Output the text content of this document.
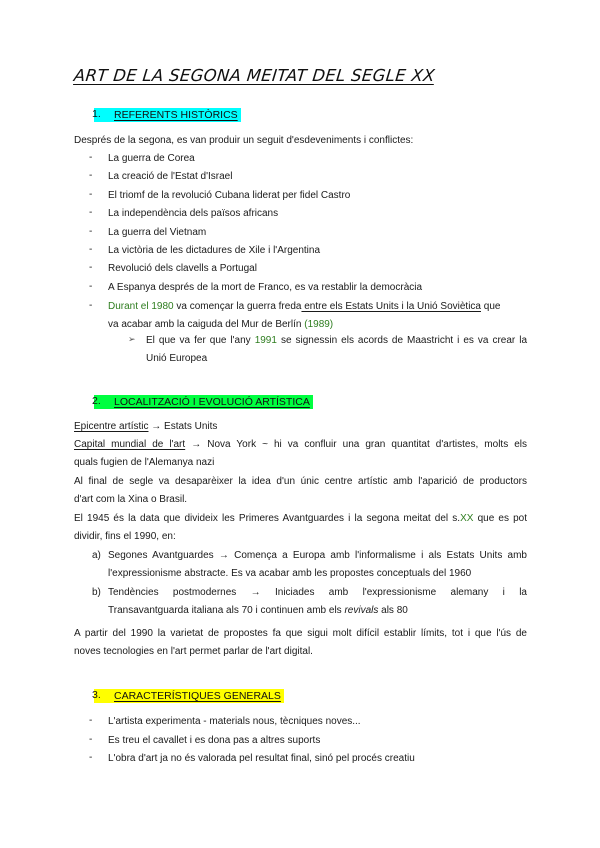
ART DE LA SEGONA MEITAT DEL SEGLE XX
REFERENTS HISTÒRICS
1.
Després de la segona, es van produir un seguit d'esdeveniments i conflictes:
- La guerra de Corea
- La creació de l'Estat d'Israel
- El triomf de la revolució Cubana liderat per fidel Castro
- La independència dels països africans
- La guerra del Vietnam
- La victòria de les dictadures de Xile i l'Argentina
- Revolució dels clavells a Portugal
- A Espanya després de la mort de Franco, es va restablir la democràcia
- Durant el 1980 va començar la guerra freda entre els Estats Units i la Unió Soviètica que
va acabar amb la caiguda del Mur de Berlín (1989)
➢ El que va fer que l'any 1991 se signessin els acords de Maastricht i es va crear la
Unió Europea
LOCALITZACIÓ I EVOLUCIÓ ARTÍSTICA
2.
Epicentre artístic → Estats Units
Capital mundial de l'art → Nova York ~ hi va confluir una gran quantitat d'artistes, molts els
quals fugien de l'Alemanya nazi
Al final de segle va desaparèixer la idea d'un únic centre artístic amb l'aparició de productors
d'art com la Xina o Brasil.
El 1945 és la data que divideix les Primeres Avantguardes i la segona meitat del s.XX que es pot
dividir, fins el 1990, en:
a) Segones Avantguardes → Comença a Europa amb l'informalisme i als Estats Units amb
l'expressionisme abstracte. Es va acabar amb les propostes conceptuals del 1960
b) Tendències postmodernes → Iniciades amb l'expressionisme alemany i la
Transavantguarda italiana als 70 i continuen amb els revivals als 80
A partir del 1990 la varietat de propostes fa que sigui molt difícil establir límits, tot i que l'ús de
noves tecnologies en l'art permet parlar de l'art digital.
CARACTERÍSTIQUES GENERALS
3.
- L'artista experimenta - materials nous, tècniques noves...
- Es treu el cavallet i es dona pas a altres suports
- L'obra d'art ja no és valorada pel resultat final, sinó pel procés creatiu
